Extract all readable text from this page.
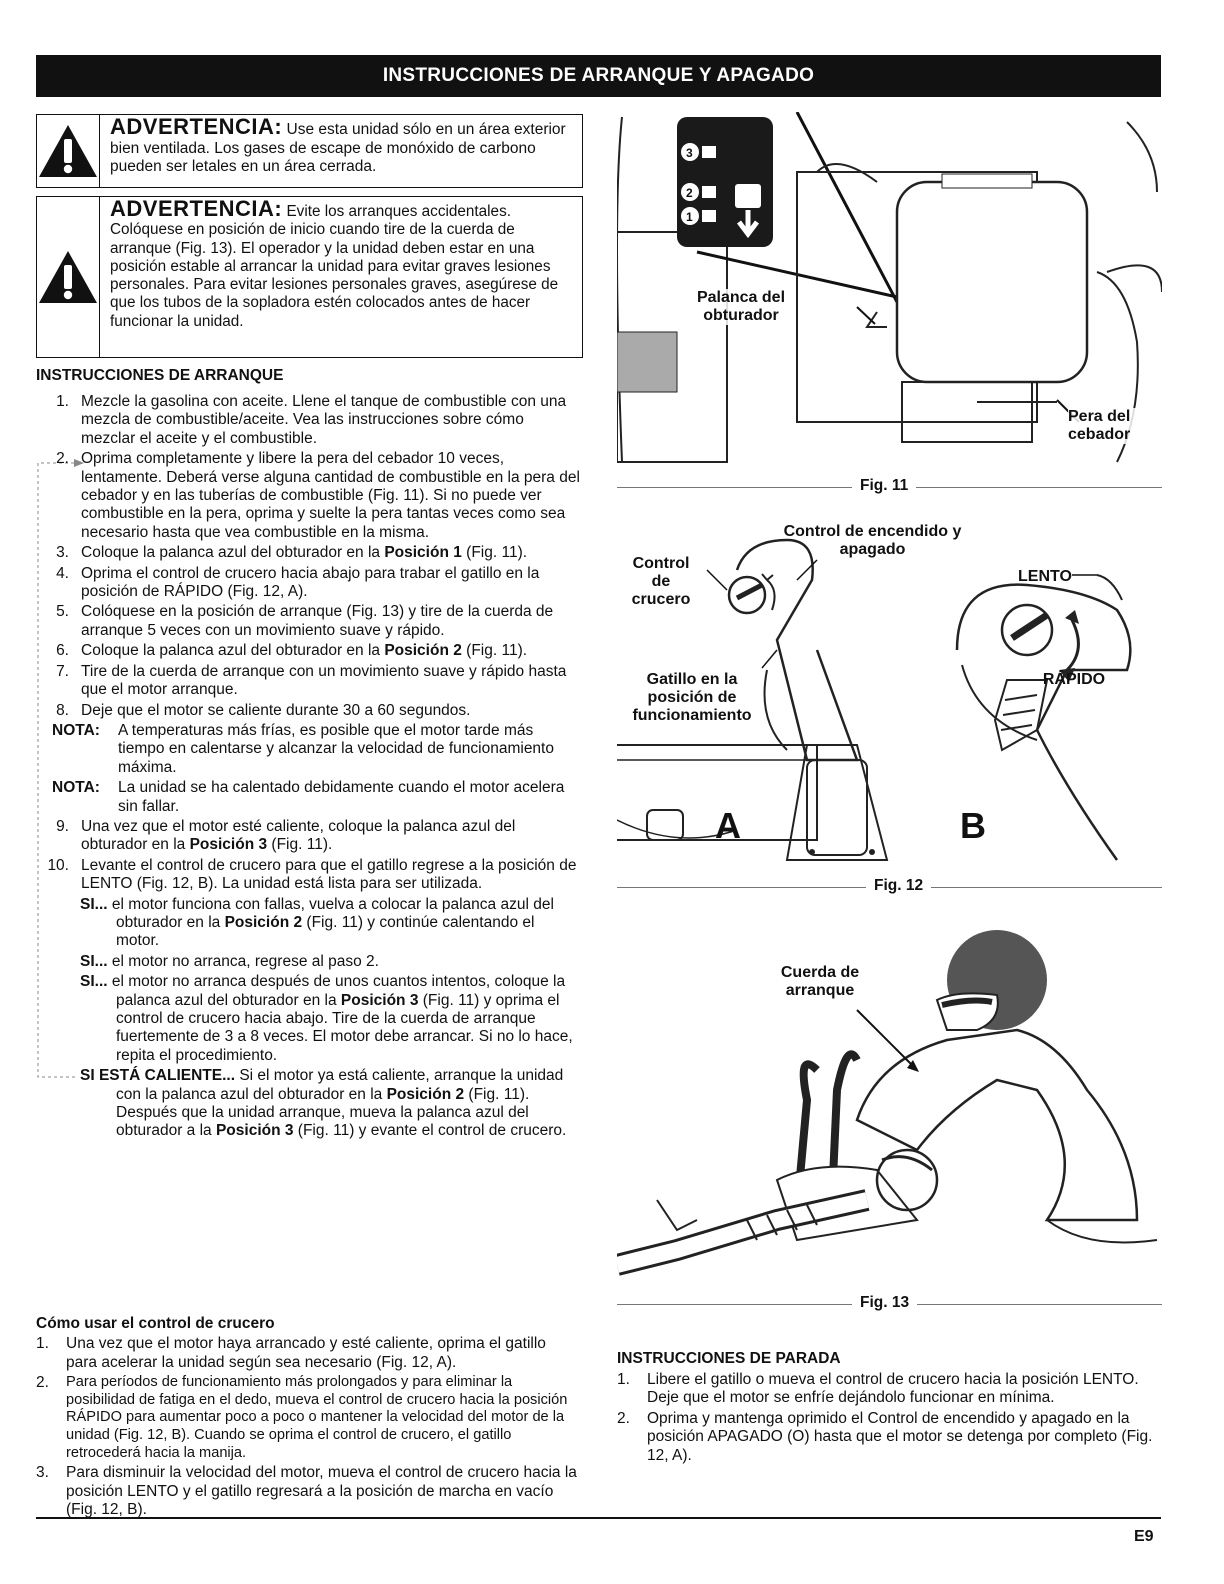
INSTRUCCIONES DE ARRANQUE Y APAGADO
ADVERTENCIA: Use esta unidad sólo en un área exterior bien ventilada. Los gases de escape de monóxido de carbono pueden ser letales en un área cerrada.
ADVERTENCIA: Evite los arranques accidentales. Colóquese en posición de inicio cuando tire de la cuerda de arranque (Fig. 13). El operador y la unidad deben estar en una posición estable al arrancar la unidad para evitar graves lesiones personales. Para evitar lesiones personales graves, asegúrese de que los tubos de la sopladora estén colocados antes de hacer funcionar la unidad.
INSTRUCCIONES DE ARRANQUE
1. Mezcle la gasolina con aceite. Llene el tanque de combustible con una mezcla de combustible/aceite. Vea las instrucciones sobre cómo mezclar el aceite y el combustible.
2. Oprima completamente y libere la pera del cebador 10 veces, lentamente. Deberá verse alguna cantidad de combustible en la pera del cebador y en las tuberías de combustible (Fig. 11). Si no puede ver combustible en la pera, oprima y suelte la pera tantas veces como sea necesario hasta que vea combustible en la misma.
3. Coloque la palanca azul del obturador en la Posición 1 (Fig. 11).
4. Oprima el control de crucero hacia abajo para trabar el gatillo en la posición de RÁPIDO (Fig. 12, A).
5. Colóquese en la posición de arranque (Fig. 13) y tire de la cuerda de arranque 5 veces con un movimiento suave y rápido.
6. Coloque la palanca azul del obturador en la Posición 2 (Fig. 11).
7. Tire de la cuerda de arranque con un movimiento suave y rápido hasta que el motor arranque.
8. Deje que el motor se caliente durante 30 a 60 segundos.
NOTA:	A temperaturas más frías, es posible que el motor tarde más tiempo en calentarse y alcanzar la velocidad de funcionamiento máxima.
NOTA:	La unidad se ha calentado debidamente cuando el motor acelera sin fallar.
9. Una vez que el motor esté caliente, coloque la palanca azul del obturador en la Posición 3 (Fig. 11).
10. Levante el control de crucero para que el gatillo regrese a la posición de LENTO (Fig. 12, B). La unidad está lista para ser utilizada.
SI... el motor funciona con fallas, vuelva a colocar la palanca azul del obturador en la Posición 2 (Fig. 11) y continúe calentando el motor.
SI... el motor no arranca, regrese al paso 2.
SI... el motor no arranca después de unos cuantos intentos, coloque la palanca azul del obturador en la Posición 3 (Fig. 11) y oprima el control de crucero hacia abajo. Tire de la cuerda de arranque fuertemente de 3 a 8 veces. El motor debe arrancar. Si no lo hace, repita el procedimiento.
SI ESTÁ CALIENTE... Si el motor ya está caliente, arranque la unidad con la palanca azul del obturador en la Posición 2 (Fig. 11). Después que la unidad arranque, mueva la palanca azul del obturador a la Posición 3 (Fig. 11) y evante el control de crucero.
Cómo usar el control de crucero
1.	Una vez que el motor haya arrancado y esté caliente, oprima el gatillo para acelerar la unidad según sea necesario (Fig. 12, A).
2.	Para períodos de funcionamiento más prolongados y para eliminar la posibilidad de fatiga en el dedo, mueva el control de crucero hacia la posición RÁPIDO para aumentar poco a poco o mantener la velocidad del motor de la unidad (Fig. 12, B). Cuando se oprima el control de crucero, el gatillo retrocederá hacia la manija.
3.	Para disminuir la velocidad del motor, mueva el control de crucero hacia la posición LENTO y el gatillo regresará a la posición de marcha en vacío (Fig. 12, B).
3
2
1
Palanca del obturador
Pera del cebador
Fig. 11
Control de encendido y apagado
Control de crucero
Gatillo en la posición de funcionamiento
LENTO
RÁPIDO
A	B
Fig. 12
Cuerda de arranque
Fig. 13
INSTRUCCIONES DE PARADA
1.	Libere el gatillo o mueva el control de crucero hacia la posición LENTO. Deje que el motor se enfríe dejándolo funcionar en mínima.
2.	Oprima y mantenga oprimido el Control de encendido y apagado en la posición APAGADO (O) hasta que el motor se detenga por completo (Fig. 12, A).
E9
